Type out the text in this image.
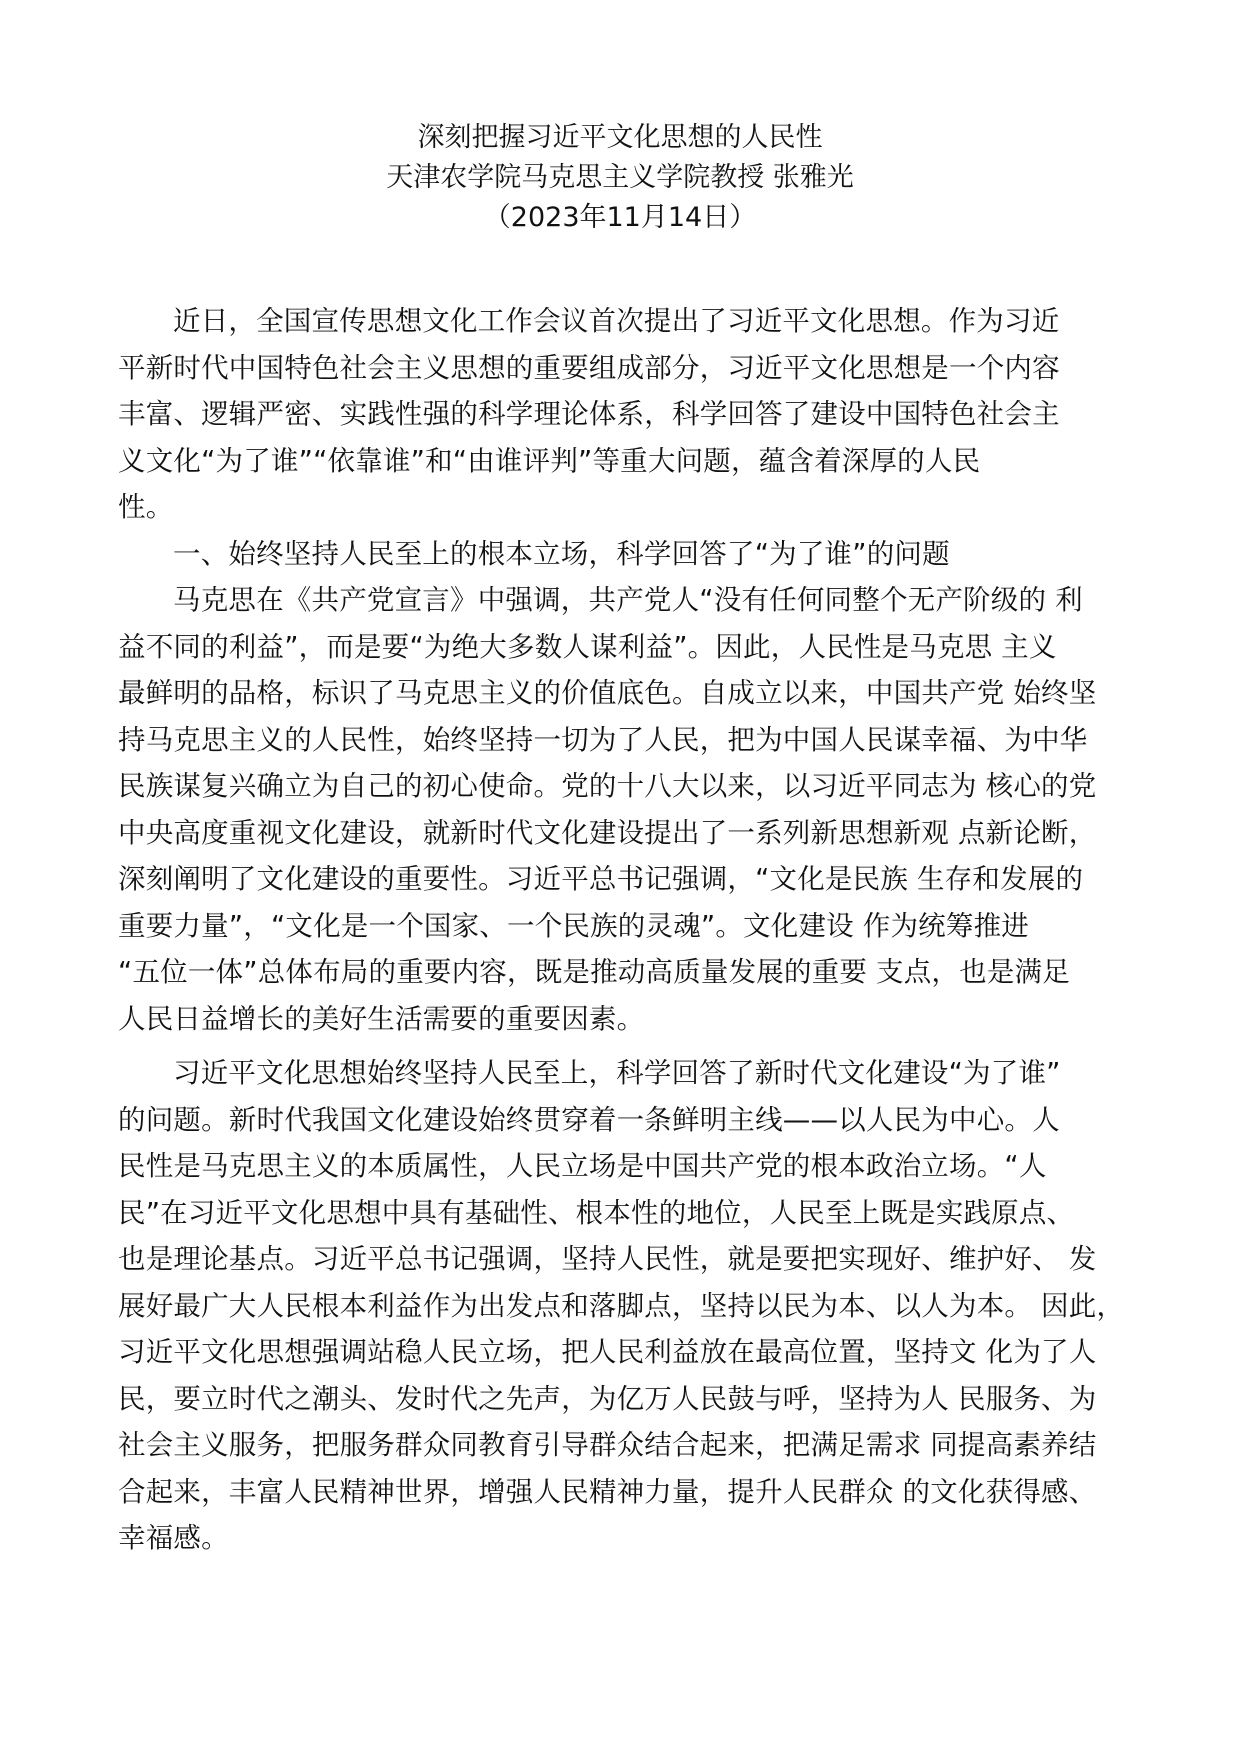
深刻把握习近平文化思想的人民性
天津农学院马克思主义学院教授 张雅光
（2023年11月14日）
近日，全国宣传思想文化工作会议首次提出了习近平文化思想。作为习近
平新时代中国特色社会主义思想的重要组成部分，习近平文化思想是一个内容
丰富、逻辑严密、实践性强的科学理论体系，科学回答了建设中国特色社会主
义文化“为了谁”“依靠谁”和“由谁评判”等重大问题，蕴含着深厚的人民
性。
一、始终坚持人民至上的根本立场，科学回答了“为了谁”的问题
马克思在《共产党宣言》中强调，共产党人“没有任何同整个无产阶级的 利
益不同的利益”，而是要“为绝大多数人谋利益”。因此，人民性是马克思 主义
最鲜明的品格，标识了马克思主义的价值底色。自成立以来，中国共产党 始终坚
持马克思主义的人民性，始终坚持一切为了人民，把为中国人民谋幸福、为中华
民族谋复兴确立为自己的初心使命。党的十八大以来，以习近平同志为 核心的党
中央高度重视文化建设，就新时代文化建设提出了一系列新思想新观 点新论断，
深刻阐明了文化建设的重要性。习近平总书记强调，“文化是民族 生存和发展的
重要力量”，“文化是一个国家、一个民族的灵魂”。文化建设 作为统筹推进
“五位一体”总体布局的重要内容，既是推动高质量发展的重要 支点，也是满足
人民日益增长的美好生活需要的重要因素。
习近平文化思想始终坚持人民至上，科学回答了新时代文化建设“为了谁”
的问题。新时代我国文化建设始终贯穿着一条鲜明主线——以人民为中心。人
民性是马克思主义的本质属性，人民立场是中国共产党的根本政治立场。“人
民”在习近平文化思想中具有基础性、根本性的地位，人民至上既是实践原点、
也是理论基点。习近平总书记强调，坚持人民性，就是要把实现好、维护好、 发
展好最广大人民根本利益作为出发点和落脚点，坚持以民为本、以人为本。 因此，
习近平文化思想强调站稳人民立场，把人民利益放在最高位置，坚持文 化为了人
民，要立时代之潮头、发时代之先声，为亿万人民鼓与呼，坚持为人 民服务、为
社会主义服务，把服务群众同教育引导群众结合起来，把满足需求 同提高素养结
合起来，丰富人民精神世界，增强人民精神力量，提升人民群众 的文化获得感、
幸福感。
